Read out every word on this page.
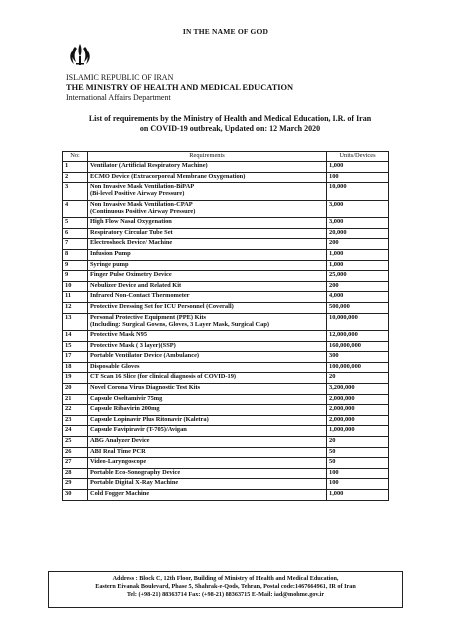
IN THE NAME OF GOD
ISLAMIC REPUBLIC OF IRAN
THE MINISTRY OF HEALTH AND MEDICAL EDUCATION
International Affairs Department
List of requirements by the Ministry of Health and Medical Education, I.R. of Iran
on COVID-19 outbreak, Updated on: 12 March 2020
No:	Requirements	Units/Devices
1	Ventilator (Artificial Respiratory Machine)	1,000
2	ECMO Device (Extracorporeal Membrane Oxygenation)	100
3	Non Invasive Mask Ventilation-BiPAP
(Bi-level Positive Airway Pressure)	10,000
4	Non Invasive Mask Ventilation-CPAP
(Continuous Positive Airway Pressure)	3,000
5	High Flow Nasal Oxygenation	3,000
6	Respiratory Circular Tube Set	20,000
7	Electroshock Device/ Machine	200
8	Infusion Pump	1,000
9	Syringe pump	1,000
9	Finger Pulse Oximetry Device	25,000
10	Nebulizer Device and Related Kit	200
11	Infrared Non-Contact Thermometer	4,000
12	Protective Dressing Set for ICU Personnel (Coverall)	500,000
13	Personal Protective Equipment (PPE) Kits
(Including: Surgical Gowns, Gloves, 3 Layer Mask, Surgical Cap)	10,000,000
14	Protective Mask N95	12,000,000
15	Protective Mask ( 3 layer)(SSP)	160,000,000
17	Portable Ventilator Device (Ambulance)	300
18	Disposable Gloves	100,000,000
19	CT Scan 16 Slice (for clinical diagnosis of COVID-19)	20
20	Novel Corona Virus Diagnostic Test Kits	3,200,000
21	Capsule Oseltamivir 75mg	2,000,000
22	Capsule Ribavirin 200mg	2,000,000
23	Capsule Lopinavir Plus Ritonavir (Kaletra)	2,000,000
24	Capsule Favipiravir (T-705)/Avigan	1,000,000
25	ABG Analyzer Device	20
26	ABI Real Time PCR	50
27	Video-Laryngoscope	50
28	Portable Eco-Sonography Device	100
29	Portable Digital X-Ray Machine	100
30	Cold Fogger Machine	1,000
Address : Block C, 12th Floor, Building of Ministry of Health and Medical Education,
Eastern Eivanak Boulevard, Phase 5, Shahrak-e-Qods, Tehran, Postal code:1467664961, IR of Iran
Tel: (+98-21) 88363714 Fax: (+98-21) 88363715 E-Mail: iad@mohme.gov.ir
